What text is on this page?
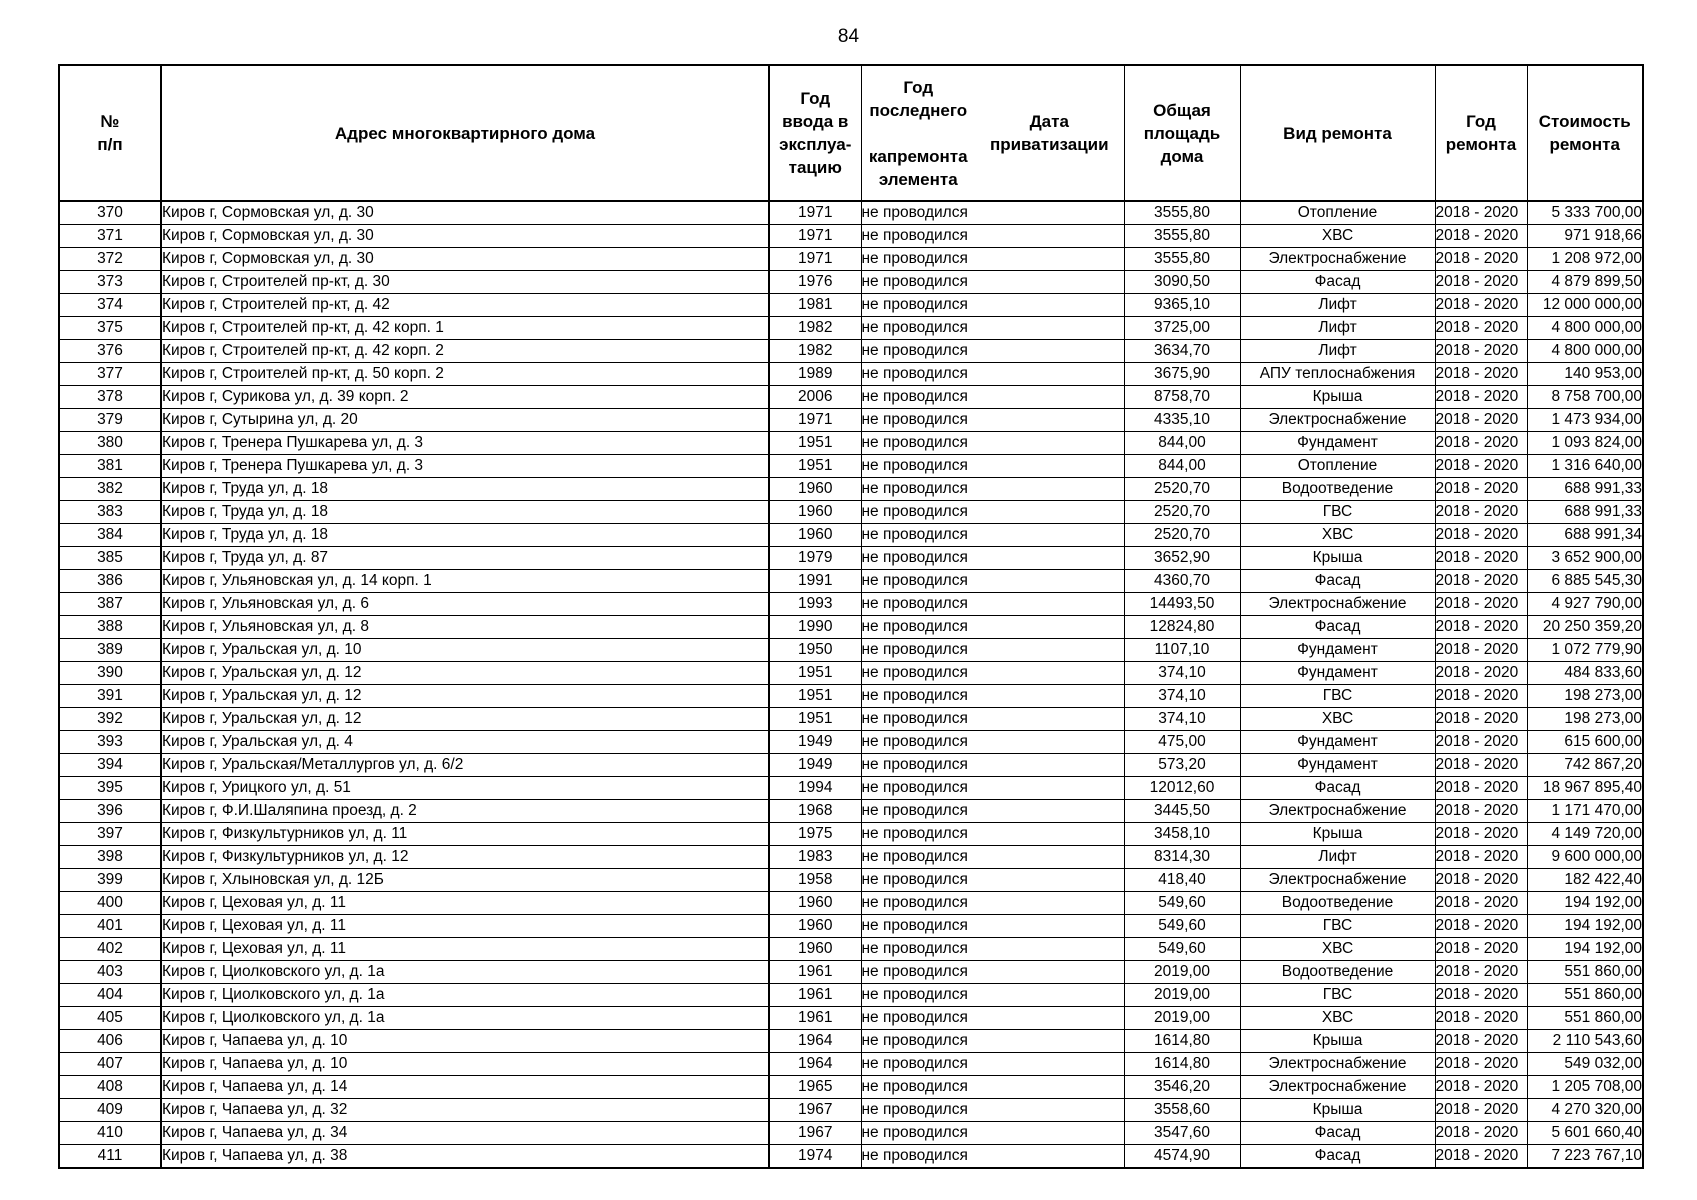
84
№
п/п	Адрес многоквартирного дома	Год
ввода в
эксплуа-
тацию	Год
последнего

капремонта
элемента	Дата
приватизации	Общая
площадь
дома	Вид ремонта	Год
ремонта	Стоимость
ремонта
370	Киров г, Сормовская ул, д. 30	1971	не проводился		3555,80	Отопление	2018 - 2020	5 333 700,00
371	Киров г, Сормовская ул, д. 30	1971	не проводился		3555,80	ХВС	2018 - 2020	971 918,66
372	Киров г, Сормовская ул, д. 30	1971	не проводился		3555,80	Электроснабжение	2018 - 2020	1 208 972,00
373	Киров г, Строителей пр-кт, д. 30	1976	не проводился		3090,50	Фасад	2018 - 2020	4 879 899,50
374	Киров г, Строителей пр-кт, д. 42	1981	не проводился		9365,10	Лифт	2018 - 2020	12 000 000,00
375	Киров г, Строителей пр-кт, д. 42 корп. 1	1982	не проводился		3725,00	Лифт	2018 - 2020	4 800 000,00
376	Киров г, Строителей пр-кт, д. 42 корп. 2	1982	не проводился		3634,70	Лифт	2018 - 2020	4 800 000,00
377	Киров г, Строителей пр-кт, д. 50 корп. 2	1989	не проводился		3675,90	АПУ теплоснабжения	2018 - 2020	140 953,00
378	Киров г, Сурикова ул, д. 39 корп. 2	2006	не проводился		8758,70	Крыша	2018 - 2020	8 758 700,00
379	Киров г, Сутырина ул, д. 20	1971	не проводился		4335,10	Электроснабжение	2018 - 2020	1 473 934,00
380	Киров г, Тренера Пушкарева ул, д. 3	1951	не проводился		844,00	Фундамент	2018 - 2020	1 093 824,00
381	Киров г, Тренера Пушкарева ул, д. 3	1951	не проводился		844,00	Отопление	2018 - 2020	1 316 640,00
382	Киров г, Труда ул, д. 18	1960	не проводился		2520,70	Водоотведение	2018 - 2020	688 991,33
383	Киров г, Труда ул, д. 18	1960	не проводился		2520,70	ГВС	2018 - 2020	688 991,33
384	Киров г, Труда ул, д. 18	1960	не проводился		2520,70	ХВС	2018 - 2020	688 991,34
385	Киров г, Труда ул, д. 87	1979	не проводился		3652,90	Крыша	2018 - 2020	3 652 900,00
386	Киров г, Ульяновская ул, д. 14 корп. 1	1991	не проводился		4360,70	Фасад	2018 - 2020	6 885 545,30
387	Киров г, Ульяновская ул, д. 6	1993	не проводился		14493,50	Электроснабжение	2018 - 2020	4 927 790,00
388	Киров г, Ульяновская ул, д. 8	1990	не проводился		12824,80	Фасад	2018 - 2020	20 250 359,20
389	Киров г, Уральская ул, д. 10	1950	не проводился		1107,10	Фундамент	2018 - 2020	1 072 779,90
390	Киров г, Уральская ул, д. 12	1951	не проводился		374,10	Фундамент	2018 - 2020	484 833,60
391	Киров г, Уральская ул, д. 12	1951	не проводился		374,10	ГВС	2018 - 2020	198 273,00
392	Киров г, Уральская ул, д. 12	1951	не проводился		374,10	ХВС	2018 - 2020	198 273,00
393	Киров г, Уральская ул, д. 4	1949	не проводился		475,00	Фундамент	2018 - 2020	615 600,00
394	Киров г, Уральская/Металлургов ул, д. 6/2	1949	не проводился		573,20	Фундамент	2018 - 2020	742 867,20
395	Киров г, Урицкого ул, д. 51	1994	не проводился		12012,60	Фасад	2018 - 2020	18 967 895,40
396	Киров г, Ф.И.Шаляпина проезд, д. 2	1968	не проводился		3445,50	Электроснабжение	2018 - 2020	1 171 470,00
397	Киров г, Физкультурников ул, д. 11	1975	не проводился		3458,10	Крыша	2018 - 2020	4 149 720,00
398	Киров г, Физкультурников ул, д. 12	1983	не проводился		8314,30	Лифт	2018 - 2020	9 600 000,00
399	Киров г, Хлыновская ул, д. 12Б	1958	не проводился		418,40	Электроснабжение	2018 - 2020	182 422,40
400	Киров г, Цеховая ул, д. 11	1960	не проводился		549,60	Водоотведение	2018 - 2020	194 192,00
401	Киров г, Цеховая ул, д. 11	1960	не проводился		549,60	ГВС	2018 - 2020	194 192,00
402	Киров г, Цеховая ул, д. 11	1960	не проводился		549,60	ХВС	2018 - 2020	194 192,00
403	Киров г, Циолковского ул, д. 1а	1961	не проводился		2019,00	Водоотведение	2018 - 2020	551 860,00
404	Киров г, Циолковского ул, д. 1а	1961	не проводился		2019,00	ГВС	2018 - 2020	551 860,00
405	Киров г, Циолковского ул, д. 1а	1961	не проводился		2019,00	ХВС	2018 - 2020	551 860,00
406	Киров г, Чапаева ул, д. 10	1964	не проводился		1614,80	Крыша	2018 - 2020	2 110 543,60
407	Киров г, Чапаева ул, д. 10	1964	не проводился		1614,80	Электроснабжение	2018 - 2020	549 032,00
408	Киров г, Чапаева ул, д. 14	1965	не проводился		3546,20	Электроснабжение	2018 - 2020	1 205 708,00
409	Киров г, Чапаева ул, д. 32	1967	не проводился		3558,60	Крыша	2018 - 2020	4 270 320,00
410	Киров г, Чапаева ул, д. 34	1967	не проводился		3547,60	Фасад	2018 - 2020	5 601 660,40
411	Киров г, Чапаева ул, д. 38	1974	не проводился		4574,90	Фасад	2018 - 2020	7 223 767,10
